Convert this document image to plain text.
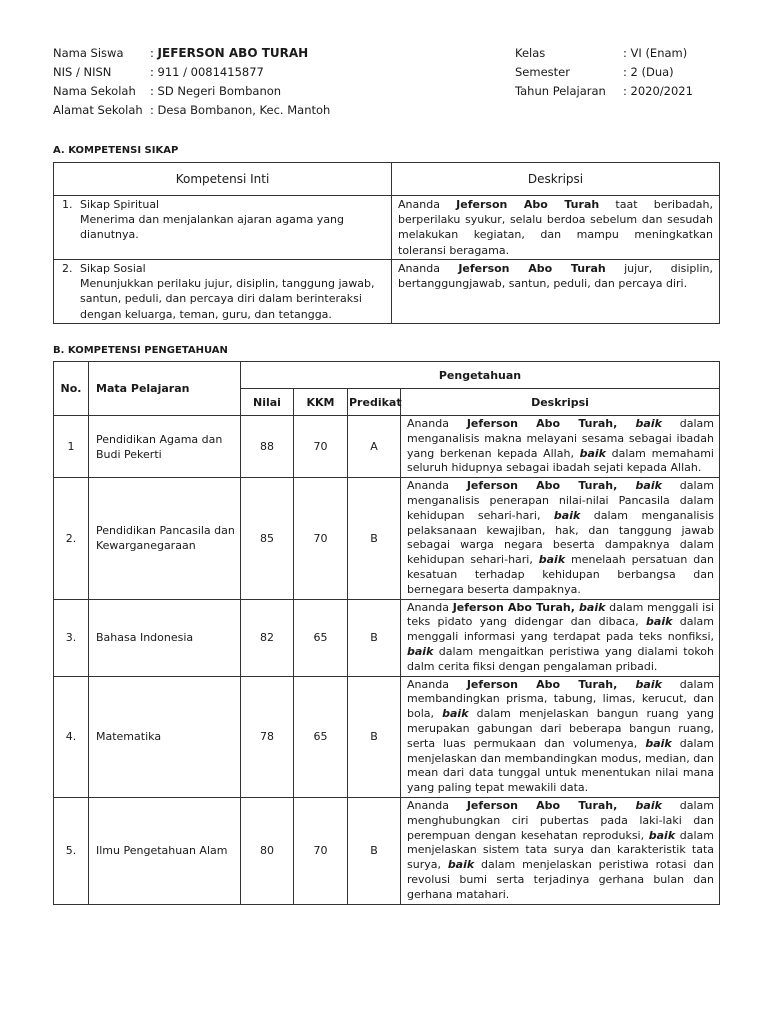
Nama Siswa	: JEFERSON ABO TURAH
NIS / NISN	: 911 / 0081415877
Nama Sekolah	: SD Negeri Bombanon
Alamat Sekolah : Desa Bombanon, Kec. Mantoh
Kelas	: VI (Enam)
Semester	: 2 (Dua)
Tahun Pelajaran	: 2020/2021
A. KOMPETENSI SIKAP
Kompetensi Inti	Deskripsi

1. Sikap Spiritual
Menerima dan menjalankan ajaran agama yang dianutnya.	Ananda Jeferson Abo Turah taat beribadah, berperilaku syukur, selalu berdoa sebelum dan sesudah melakukan kegiatan, dan mampu meningkatkan toleransi beragama.

2. Sikap Sosial
Menunjukkan perilaku jujur, disiplin, tanggung jawab, santun, peduli, dan percaya diri dalam berinteraksi dengan keluarga, teman, guru, dan tetangga.	Ananda Jeferson Abo Turah jujur, disiplin, bertanggungjawab, santun, peduli, dan percaya diri.
B. KOMPETENSI PENGETAHUAN
No.	Mata Pelajaran	Pengetahuan			
		Nilai	KKM	Predikat	Deskripsi
1	Pendidikan Agama dan Budi Pekerti	88	70	A	Ananda Jeferson Abo Turah, baik dalam menganalisis makna melayani sesama sebagai ibadah yang berkenan kepada Allah, baik dalam memahami seluruh hidupnya sebagai ibadah sejati kepada Allah.
2.	Pendidikan Pancasila dan Kewarganegaraan	85	70	B	Ananda Jeferson Abo Turah, baik dalam menganalisis penerapan nilai-nilai Pancasila dalam kehidupan sehari-hari, baik dalam menganalisis pelaksanaan kewajiban, hak, dan tanggung jawab sebagai warga negara beserta dampaknya dalam kehidupan sehari-hari, baik menelaah persatuan dan kesatuan terhadap kehidupan berbangsa dan bernegara beserta dampaknya.
3.	Bahasa Indonesia	82	65	B	Ananda Jeferson Abo Turah, baik dalam menggali isi teks pidato yang didengar dan dibaca, baik dalam menggali informasi yang terdapat pada teks nonfiksi, baik dalam mengaitkan peristiwa yang dialami tokoh dalm cerita fiksi dengan pengalaman pribadi.
4.	Matematika	78	65	B	Ananda Jeferson Abo Turah, baik dalam membandingkan prisma, tabung, limas, kerucut, dan bola, baik dalam menjelaskan bangun ruang yang merupakan gabungan dari beberapa bangun ruang, serta luas permukaan dan volumenya, baik dalam menjelaskan dan membandingkan modus, median, dan mean dari data tunggal untuk menentukan nilai mana yang paling tepat mewakili data.
5.	Ilmu Pengetahuan Alam	80	70	B	Ananda Jeferson Abo Turah, baik dalam menghubungkan ciri pubertas pada laki-laki dan perempuan dengan kesehatan reproduksi, baik dalam menjelaskan sistem tata surya dan karakteristik tata surya, baik dalam menjelaskan peristiwa rotasi dan revolusi bumi serta terjadinya gerhana bulan dan gerhana matahari.
